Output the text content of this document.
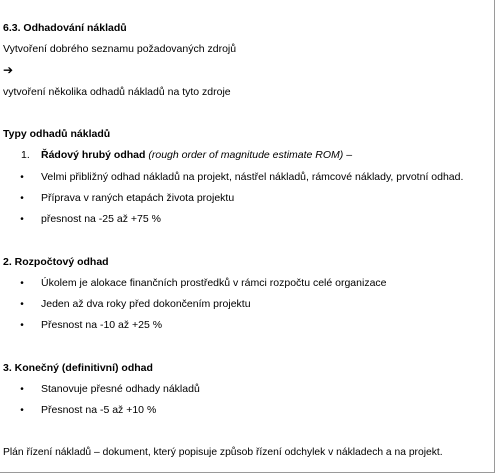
6.3. Odhadování nákladů
Vytvoření dobrého seznamu požadovaných zdrojů
➔
vytvoření několika odhadů nákladů na tyto zdroje
Typy odhadů nákladů
1. Řádový hrubý odhad (rough order of magnitude estimate ROM) –
• Velmi přibližný odhad nákladů na projekt, nástřel nákladů, rámcové náklady, prvotní odhad.
• Příprava v raných etapách života projektu
• přesnost na -25 až +75 %
2. Rozpočtový odhad
• Úkolem je alokace finančních prostředků v rámci rozpočtu celé organizace
• Jeden až dva roky před dokončením projektu
• Přesnost na -10 až +25 %
3. Konečný (definitivní) odhad
• Stanovuje přesné odhady nákladů
• Přesnost na -5 až +10 %
Plán řízení nákladů – dokument, který popisuje způsob řízení odchylek v nákladech a na projekt.
